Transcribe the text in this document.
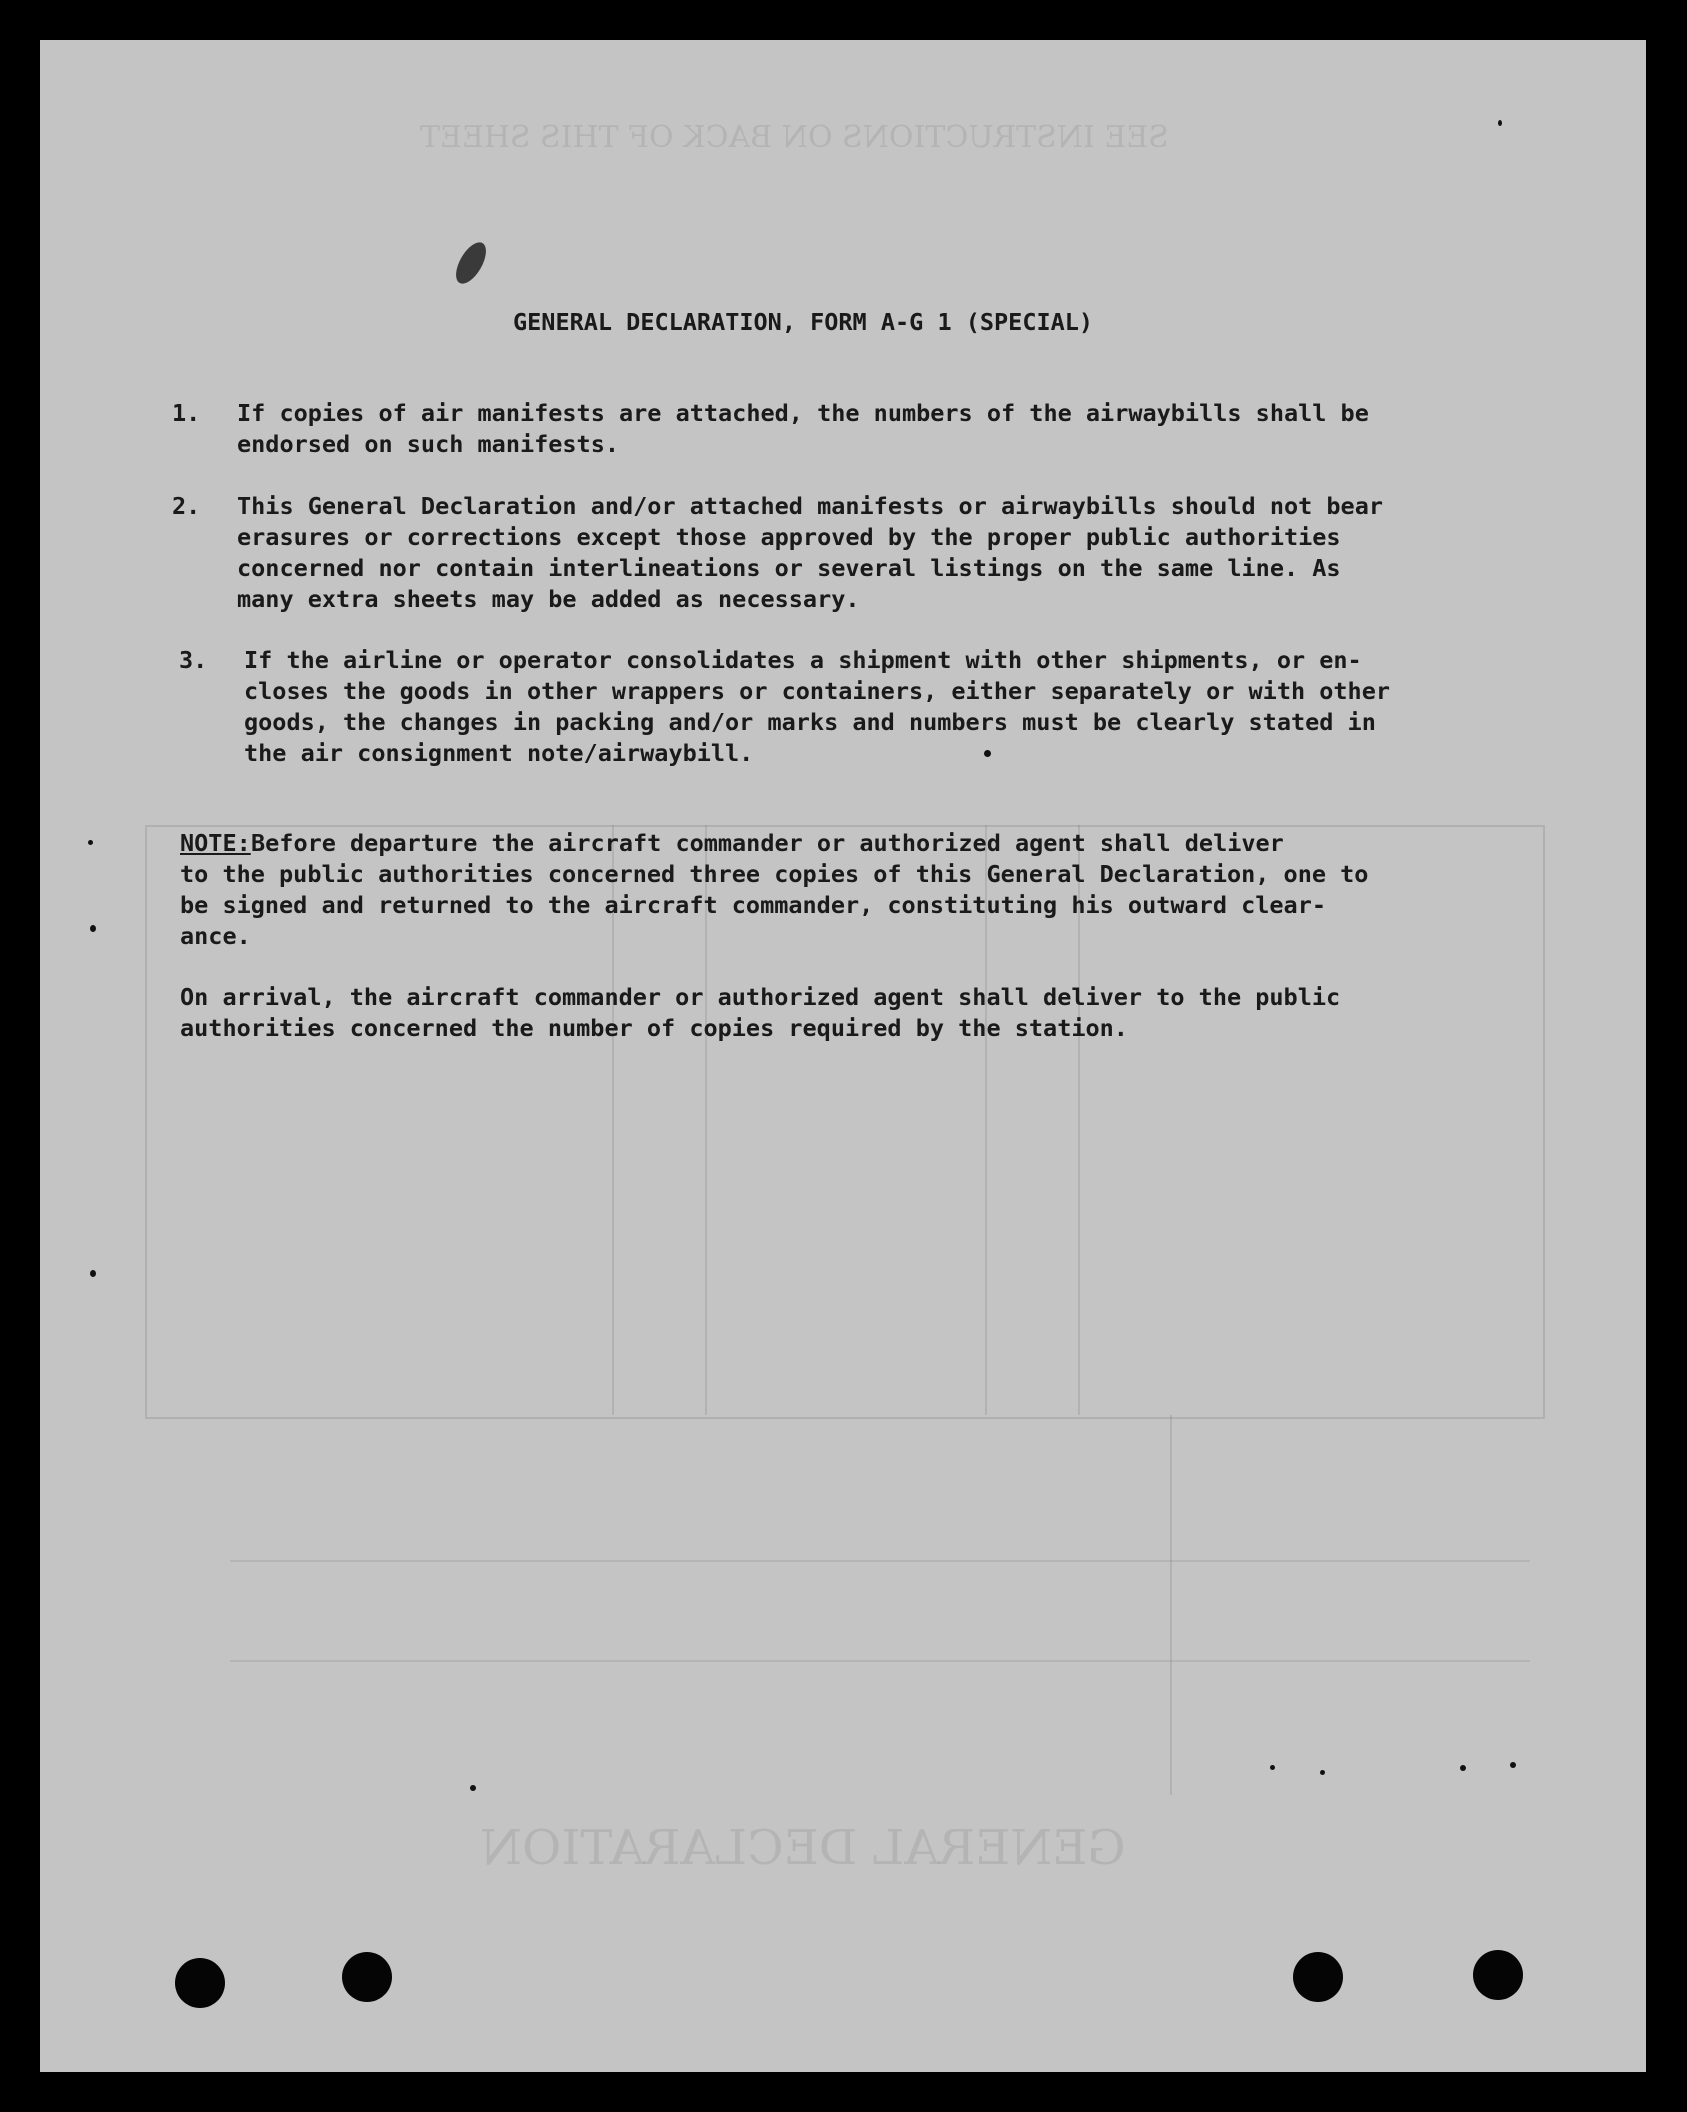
SEE INSTRUCTIONS ON BACK OF THIS SHEET
GENERAL DECLARATION
GENERAL DECLARATION, FORM A-G 1 (SPECIAL)
1. If copies of air manifests are attached, the numbers of the airwaybills shall be
endorsed on such manifests.
2. This General Declaration and/or attached manifests or airwaybills should not bear
erasures or corrections except those approved by the proper public authorities
concerned nor contain interlineations or several listings on the same line. As
many extra sheets may be added as necessary.
3. If the airline or operator consolidates a shipment with other shipments, or en-
closes the goods in other wrappers or containers, either separately or with other
goods, the changes in packing and/or marks and numbers must be clearly stated in
the air consignment note/airwaybill.
NOTE: Before departure the aircraft commander or authorized agent shall deliver
to the public authorities concerned three copies of this General Declaration, one to
be signed and returned to the aircraft commander, constituting his outward clear-
ance.
On arrival, the aircraft commander or authorized agent shall deliver to the public
authorities concerned the number of copies required by the station.
